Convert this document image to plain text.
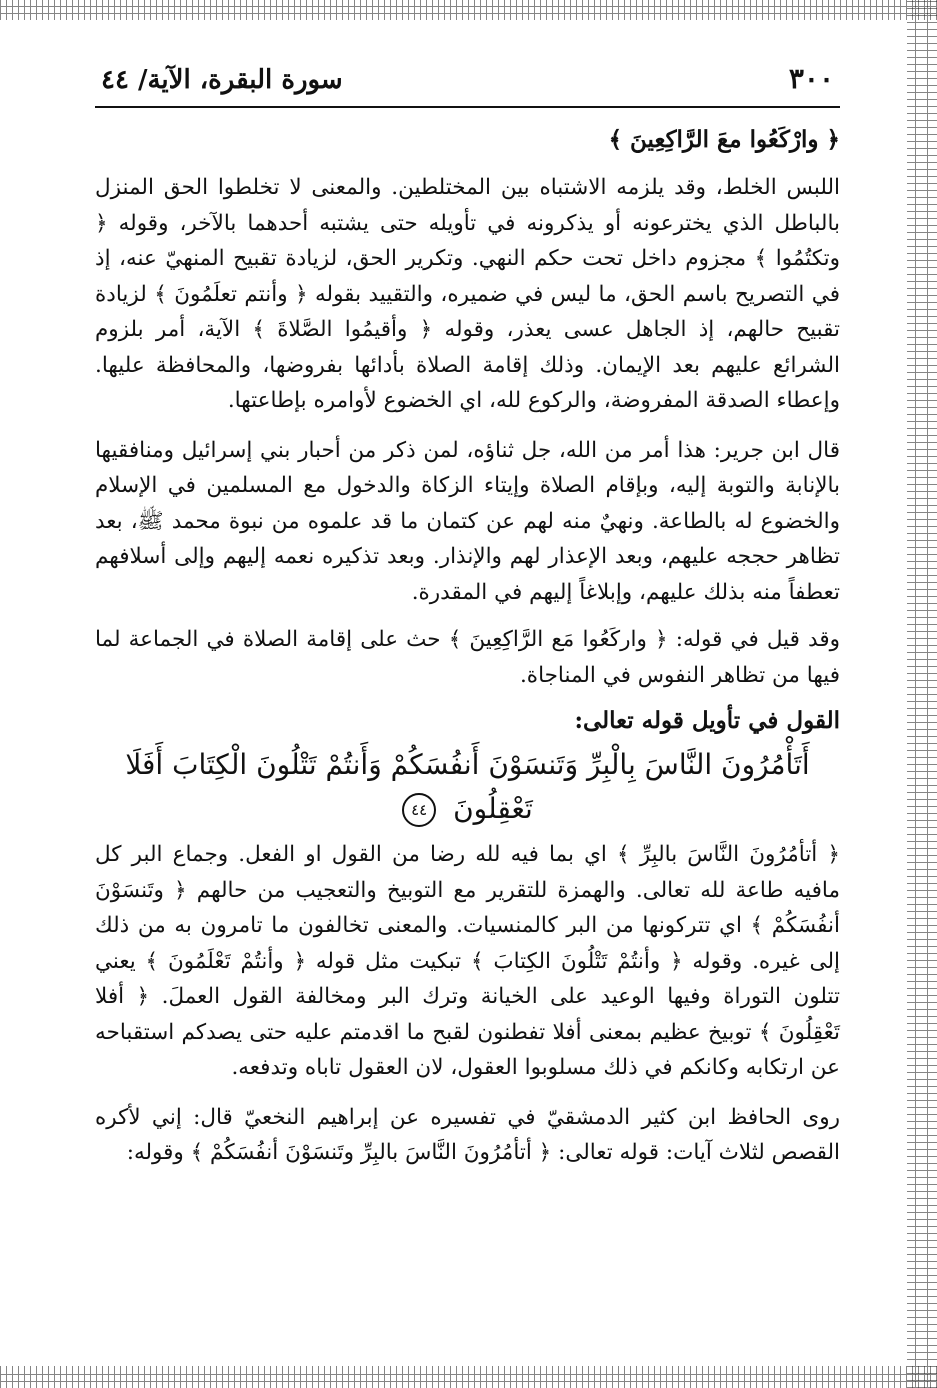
٣٠٠
سورة البقرة، الآية/ ٤٤

﴿ وارْكَعُوا معَ الرَّاكِعِينَ ﴾

اللبس الخلط، وقد يلزمه الاشتباه بين المختلطين. والمعنى لا تخلطوا الحق المنزل بالباطل الذي يخترعونه أو يذكرونه في تأويله حتى يشتبه أحدهما بالآخر، وقوله ﴿ وتكتُمُوا ﴾ مجزوم داخل تحت حكم النهي. وتكرير الحق، لزيادة تقبيح المنهيّ عنه، إذ في التصريح باسم الحق، ما ليس في ضميره، والتقييد بقوله ﴿ وأنتم تعلَمُونَ ﴾ لزيادة تقبيح حالهم، إذ الجاهل عسى يعذر، وقوله ﴿ وأقيمُوا الصَّلاةَ ﴾ الآية، أمر بلزوم الشرائع عليهم بعد الإيمان. وذلك إقامة الصلاة بأدائها بفروضها، والمحافظة عليها. وإعطاء الصدقة المفروضة، والركوع لله، اي الخضوع لأوامره بإطاعتها.

قال ابن جرير: هذا أمر من الله، جل ثناؤه، لمن ذكر من أحبار بني إسرائيل ومنافقيها بالإنابة والتوبة إليه، وبإقام الصلاة وإيتاء الزكاة والدخول مع المسلمين في الإسلام والخضوع له بالطاعة. ونهيٌ منه لهم عن كتمان ما قد علموه من نبوة محمد ﷺ، بعد تظاهر حججه عليهم، وبعد الإعذار لهم والإنذار. وبعد تذكيره نعمه إليهم وإلى أسلافهم تعطفاً منه بذلك عليهم، وإبلاغاً إليهم في المقدرة.

وقد قيل في قوله: ﴿ واركَعُوا مَع الرَّاكِعِينَ ﴾ حث على إقامة الصلاة في الجماعة لما فيها من تظاهر النفوس في المناجاة.

القول في تأويل قوله تعالى:

أَتَأْمُرُونَ النَّاسَ بِالْبِرِّ وَتَنسَوْنَ أَنفُسَكُمْ وَأَنتُمْ تَتْلُونَ الْكِتَابَ أَفَلَا تَعْقِلُونَ ٤٤

﴿ أتأمُرُونَ النَّاسَ بالبِرِّ ﴾ اي بما فيه لله رضا من القول او الفعل. وجماع البر كل مافيه طاعة لله تعالى. والهمزة للتقرير مع التوبيخ والتعجيب من حالهم ﴿ وتَنسَوْنَ أنفُسَكُمْ ﴾ اي تتركونها من البر كالمنسيات. والمعنى تخالفون ما تامرون به من ذلك إلى غيره. وقوله ﴿ وأنتُمْ تَتْلُونَ الكِتابَ ﴾ تبكيت مثل قوله ﴿ وأنتُمْ تَعْلَمُونَ ﴾ يعني تتلون التوراة وفيها الوعيد على الخيانة وترك البر ومخالفة القول العملَ. ﴿ أفلا تَعْقِلُونَ ﴾ توبيخ عظيم بمعنى أفلا تفطنون لقبح ما اقدمتم عليه حتى يصدكم استقباحه عن ارتكابه وكانكم في ذلك مسلوبوا العقول، لان العقول تاباه وتدفعه.

روى الحافظ ابن كثير الدمشقيّ في تفسيره عن إبراهيم النخعيّ قال: إني لأكره القصص لثلاث آيات: قوله تعالى: ﴿ أتأمُرُونَ النَّاسَ بالبِرِّ وتَنسَوْنَ أنفُسَكُمْ ﴾ وقوله:
